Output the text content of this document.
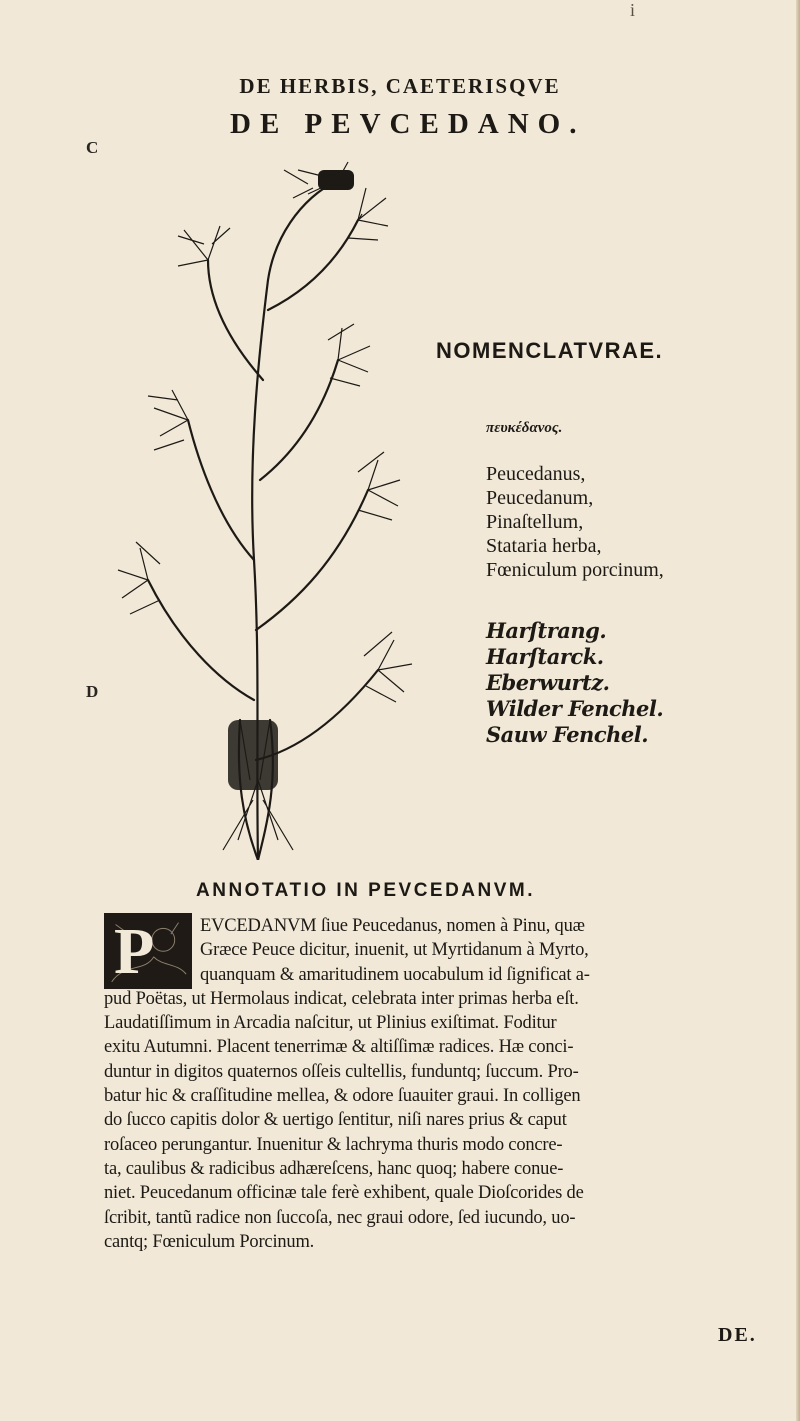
i
C
D
DE HERBIS, CAETERISQVE
DE PEVCEDANO.
NOMENCLATVRAE.
πευκέδανος.
Peucedanus,
Peucedanum,
Pinaſtellum,
Stataria herba,
Fœniculum porcinum,
Harſtrang.
Harſtarck.
Eberwurtz.
Wilder Fenchel.
Sauw Fenchel.
ANNOTATIO IN PEVCEDANVM.
P	EVCEDANVM ſiue Peucedanus, nomen à Pinu, quæ
Græce Peuce dicitur, inuenit, ut Myrtidanum à Myrto,
quanquam & amaritudinem uocabulum id ſignificat a-
pud Poëtas, ut Hermolaus indicat, celebrata inter primas herba eſt.
Laudatiſſimum in Arcadia naſcitur, ut Plinius exiſtimat. Foditur
exitu Autumni. Placent tenerrimæ & altiſſimæ radices. Hæ conci-
duntur in digitos quaternos oſſeis cultellis, funduntq; ſuccum. Pro-
batur hic & craſſitudine mellea, & odore ſuauiter graui. In colligen
do ſucco capitis dolor & uertigo ſentitur, niſi nares prius & caput
roſaceo perungantur. Inuenitur & lachryma thuris modo concre-
ta, caulibus & radicibus adhæreſcens, hanc quoq; habere conue-
niet. Peucedanum officinæ tale ferè exhibent, quale Dioſcorides de
ſcribit, tantũ radice non ſuccoſa, nec graui odore, ſed iucundo, uo-
cantq; Fœniculum Porcinum.
DE.
